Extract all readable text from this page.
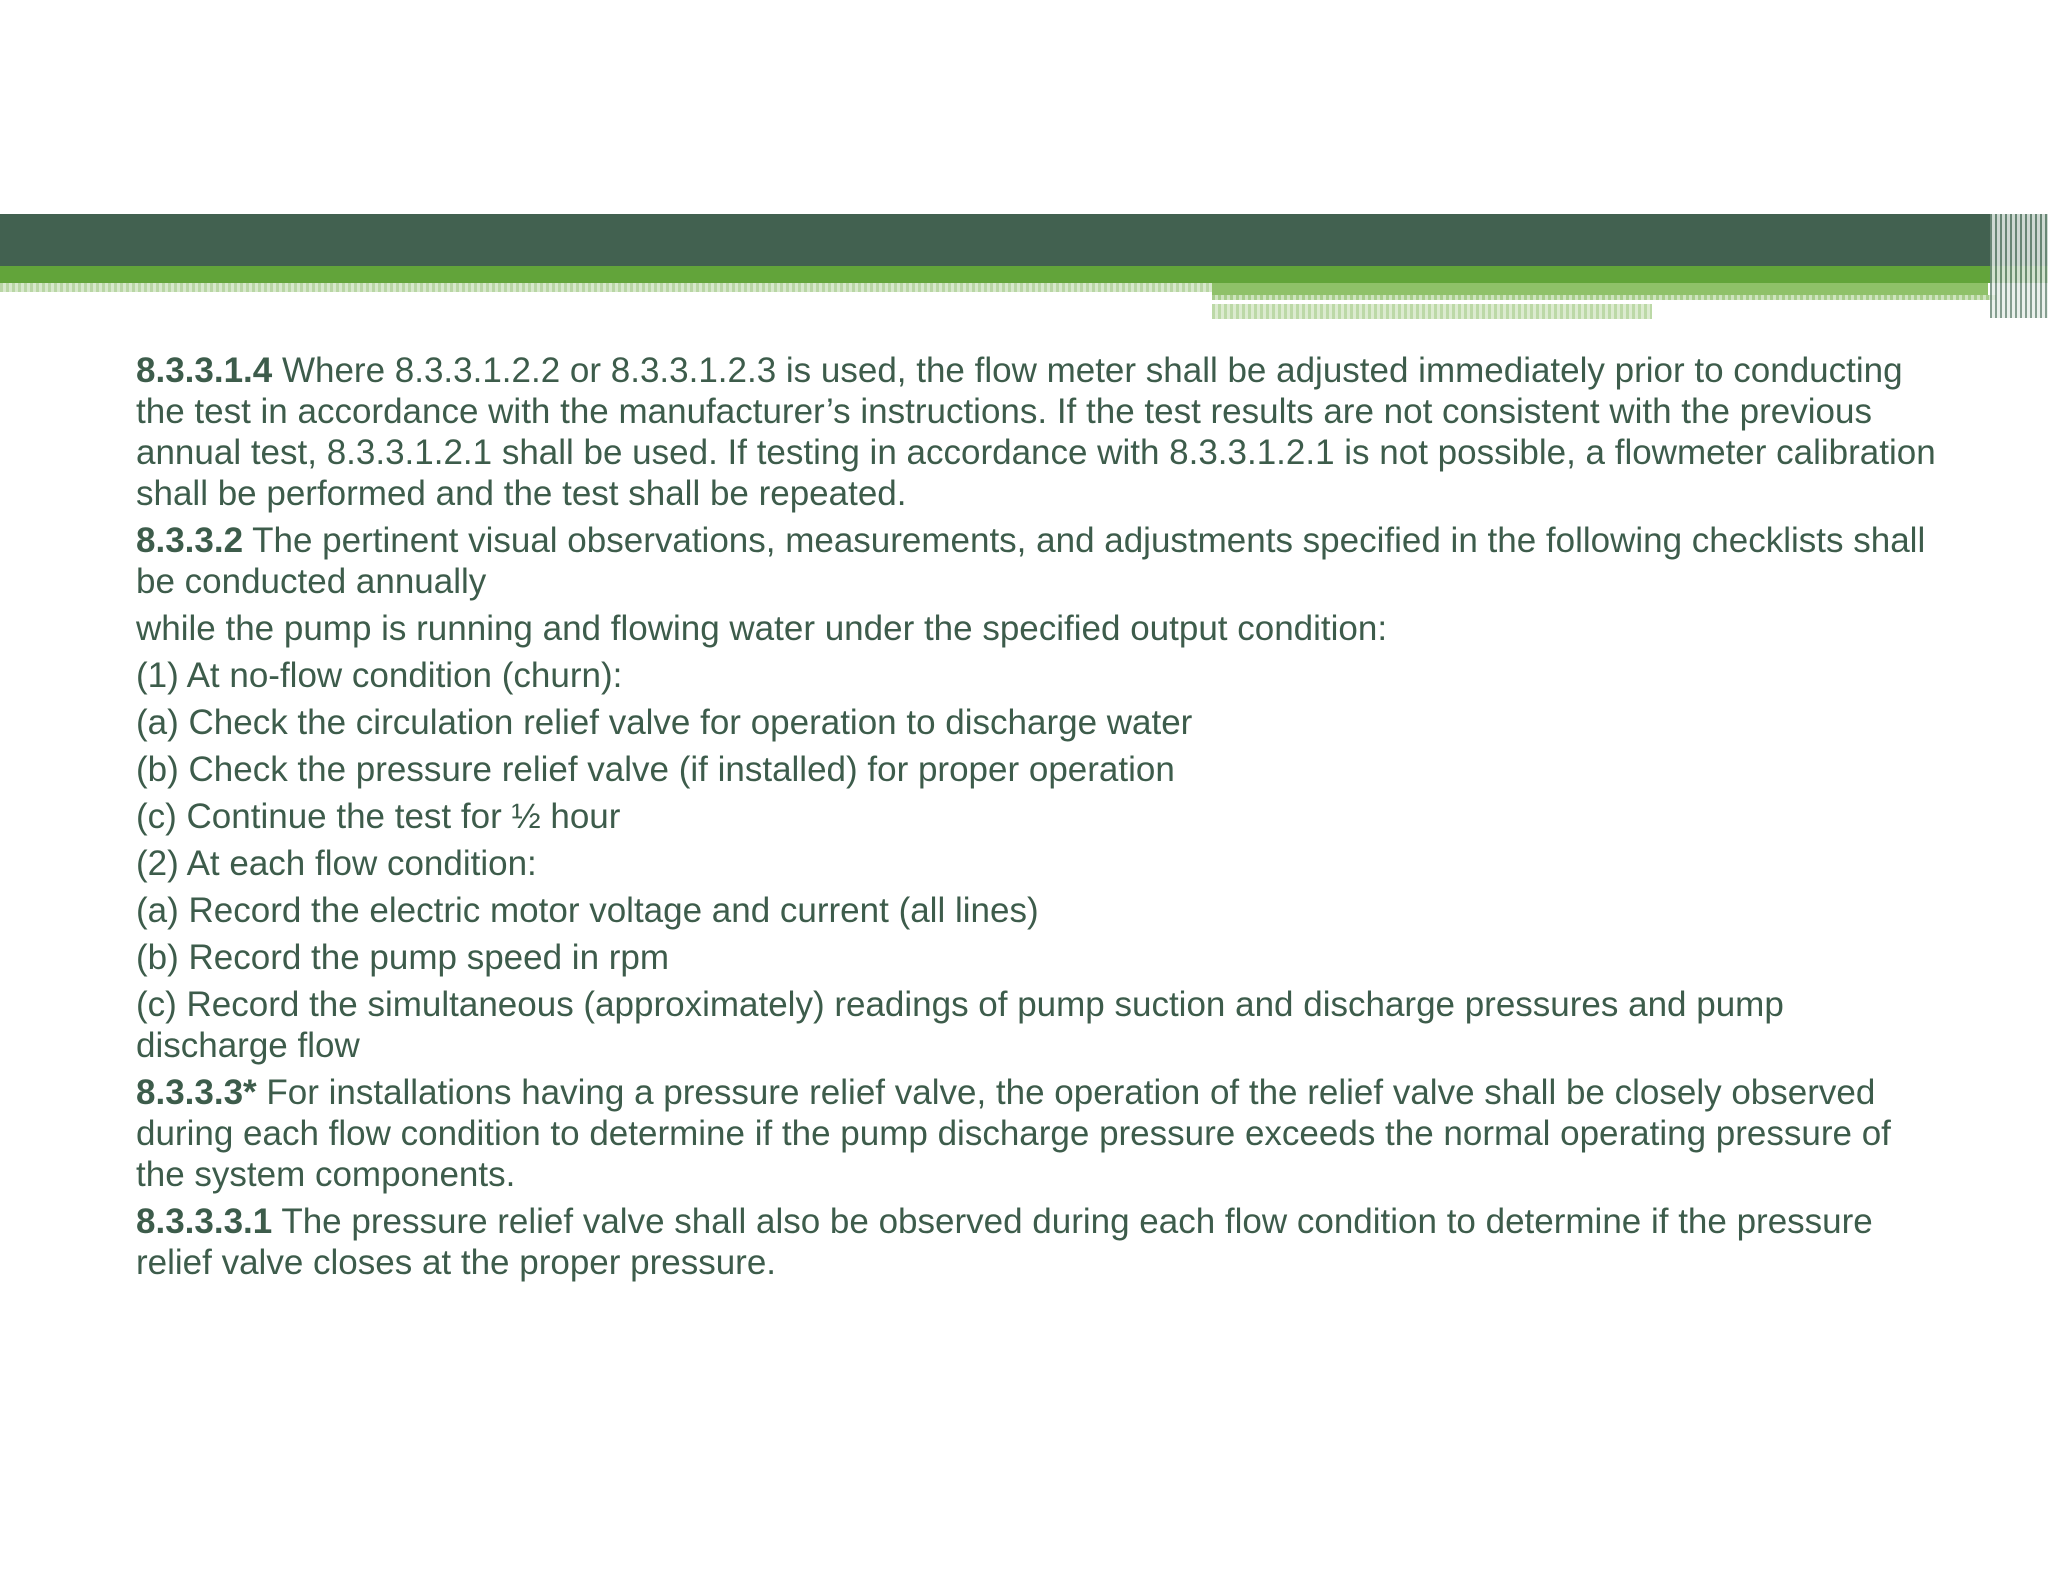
8.3.3.1.4 Where 8.3.3.1.2.2 or 8.3.3.1.2.3 is used, the flow meter shall be adjusted immediately prior to conducting the test in accordance with the manufacturer’s instructions. If the test results are not consistent with the previous annual test, 8.3.3.1.2.1 shall be used. If testing in accordance with 8.3.3.1.2.1 is not possible, a flowmeter calibration shall be performed and the test shall be repeated.

8.3.3.2 The pertinent visual observations, measurements, and adjustments specified in the following checklists shall be conducted annually

while the pump is running and flowing water under the specified output condition:

(1) At no-flow condition (churn):

(a) Check the circulation relief valve for operation to discharge water

(b) Check the pressure relief valve (if installed) for proper operation

(c) Continue the test for ½ hour

(2) At each flow condition:

(a) Record the electric motor voltage and current (all lines)

(b) Record the pump speed in rpm

(c) Record the simultaneous (approximately) readings of pump suction and discharge pressures and pump discharge flow

8.3.3.3* For installations having a pressure relief valve, the operation of the relief valve shall be closely observed during each flow condition to determine if the pump discharge pressure exceeds the normal operating pressure of the system components.

8.3.3.3.1 The pressure relief valve shall also be observed during each flow condition to determine if the pressure relief valve closes at the proper pressure.
